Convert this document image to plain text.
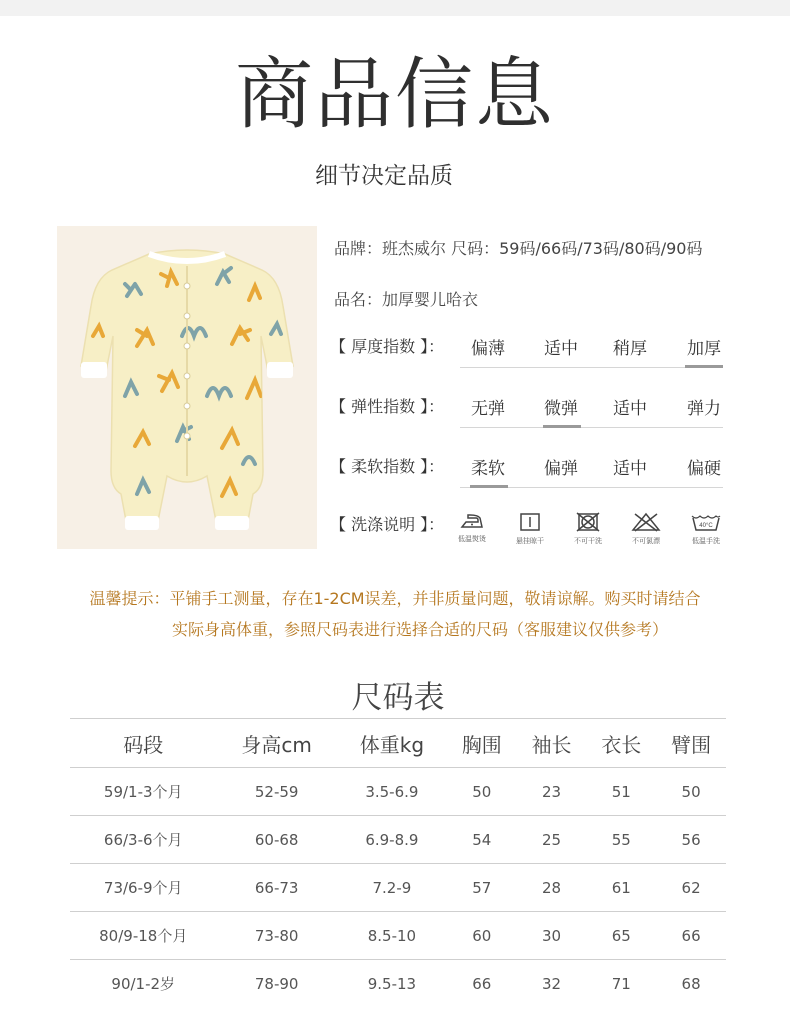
商品信息
细节决定品质
品牌：班杰威尔 尺码：59码/66码/73码/80码/90码
品名：加厚婴儿哈衣
【 厚度指数 】：	偏薄	适中	稍厚	加厚
【 弹性指数 】：	无弹	微弹	适中	弹力
【 柔软指数 】：	柔软	偏弹	适中	偏硬
【 洗涤说明 】：
低温熨烫	悬挂晾干	不可干洗	不可氯漂
40°C
低温手洗
温馨提示：平铺手工测量，存在1-2CM误差，并非质量问题，敬请谅解。购买时请结合
实际身高体重，参照尺码表进行选择合适的尺码（客服建议仅供参考）
尺码表
码段	身高cm	体重kg	胸围	袖长	衣长	臂围
59/1-3个月	52-59	3.5-6.9	50	23	51	50
66/3-6个月	60-68	6.9-8.9	54	25	55	56
73/6-9个月	66-73	7.2-9	57	28	61	62
80/9-18个月	73-80	8.5-10	60	30	65	66
90/1-2岁	78-90	9.5-13	66	32	71	68
